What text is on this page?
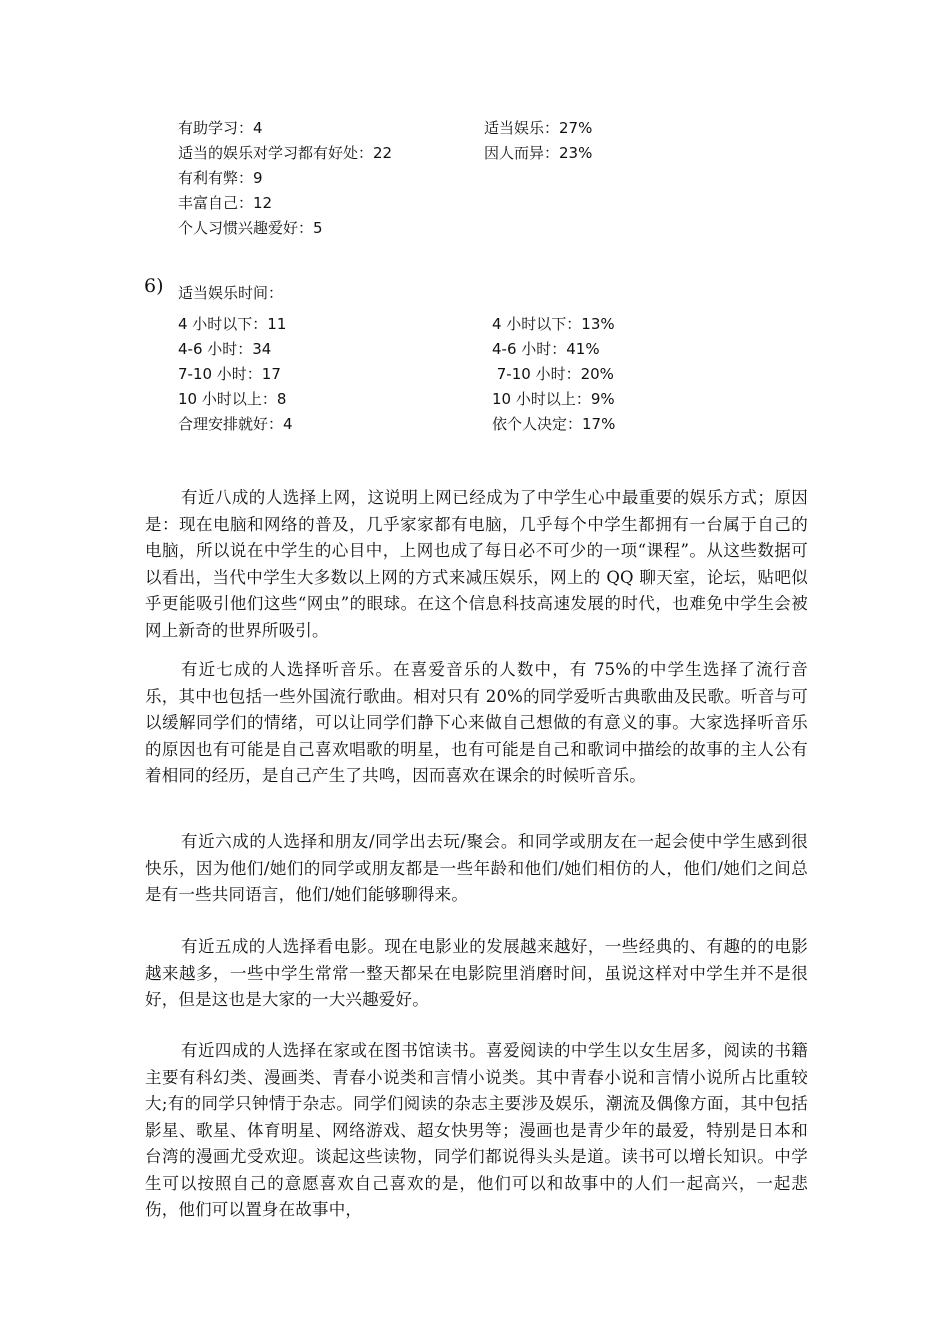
有助学习：4
适当的娱乐对学习都有好处：22
有利有弊：9
丰富自己：12
个人习惯兴趣爱好：5
适当娱乐：27%
因人而异：23%
6) 适当娱乐时间：
4 小时以下：11
4-6 小时：34
7-10 小时：17
10 小时以上：8
合理安排就好：4
4 小时以下：13%
4-6 小时：41%
7-10 小时：20%
10 小时以上：9%
依个人决定：17%

有近八成的人选择上网，这说明上网已经成为了中学生心中最重要的娱乐方式；原因是：现在电脑和网络的普及，几乎家家都有电脑，几乎每个中学生都拥有一台属于自己的电脑，所以说在中学生的心目中，上网也成了每日必不可少的一项“课程”。从这些数据可以看出，当代中学生大多数以上网的方式来减压娱乐，网上的 QQ 聊天室，论坛，贴吧似乎更能吸引他们这些“网虫”的眼球。在这个信息科技高速发展的时代，也难免中学生会被网上新奇的世界所吸引。

有近七成的人选择听音乐。在喜爱音乐的人数中，有 75%的中学生选择了流行音乐，其中也包括一些外国流行歌曲。相对只有 20%的同学爱听古典歌曲及民歌。听音与可以缓解同学们的情绪，可以让同学们静下心来做自己想做的有意义的事。大家选择听音乐的原因也有可能是自己喜欢唱歌的明星，也有可能是自己和歌词中描绘的故事的主人公有着相同的经历，是自己产生了共鸣，因而喜欢在课余的时候听音乐。

有近六成的人选择和朋友/同学出去玩/聚会。和同学或朋友在一起会使中学生感到很快乐，因为他们/她们的同学或朋友都是一些年龄和他们/她们相仿的人，他们/她们之间总是有一些共同语言，他们/她们能够聊得来。

有近五成的人选择看电影。现在电影业的发展越来越好，一些经典的、有趣的的电影越来越多，一些中学生常常一整天都呆在电影院里消磨时间，虽说这样对中学生并不是很好，但是这也是大家的一大兴趣爱好。

有近四成的人选择在家或在图书馆读书。喜爱阅读的中学生以女生居多，阅读的书籍主要有科幻类、漫画类、青春小说类和言情小说类。其中青春小说和言情小说所占比重较大;有的同学只钟情于杂志。同学们阅读的杂志主要涉及娱乐，潮流及偶像方面，其中包括影星、歌星、体育明星、网络游戏、超女快男等；漫画也是青少年的最爱，特别是日本和台湾的漫画尤受欢迎。谈起这些读物，同学们都说得头头是道。读书可以增长知识。中学生可以按照自己的意愿喜欢自己喜欢的是，他们可以和故事中的人们一起高兴，一起悲伤，他们可以置身在故事中，
